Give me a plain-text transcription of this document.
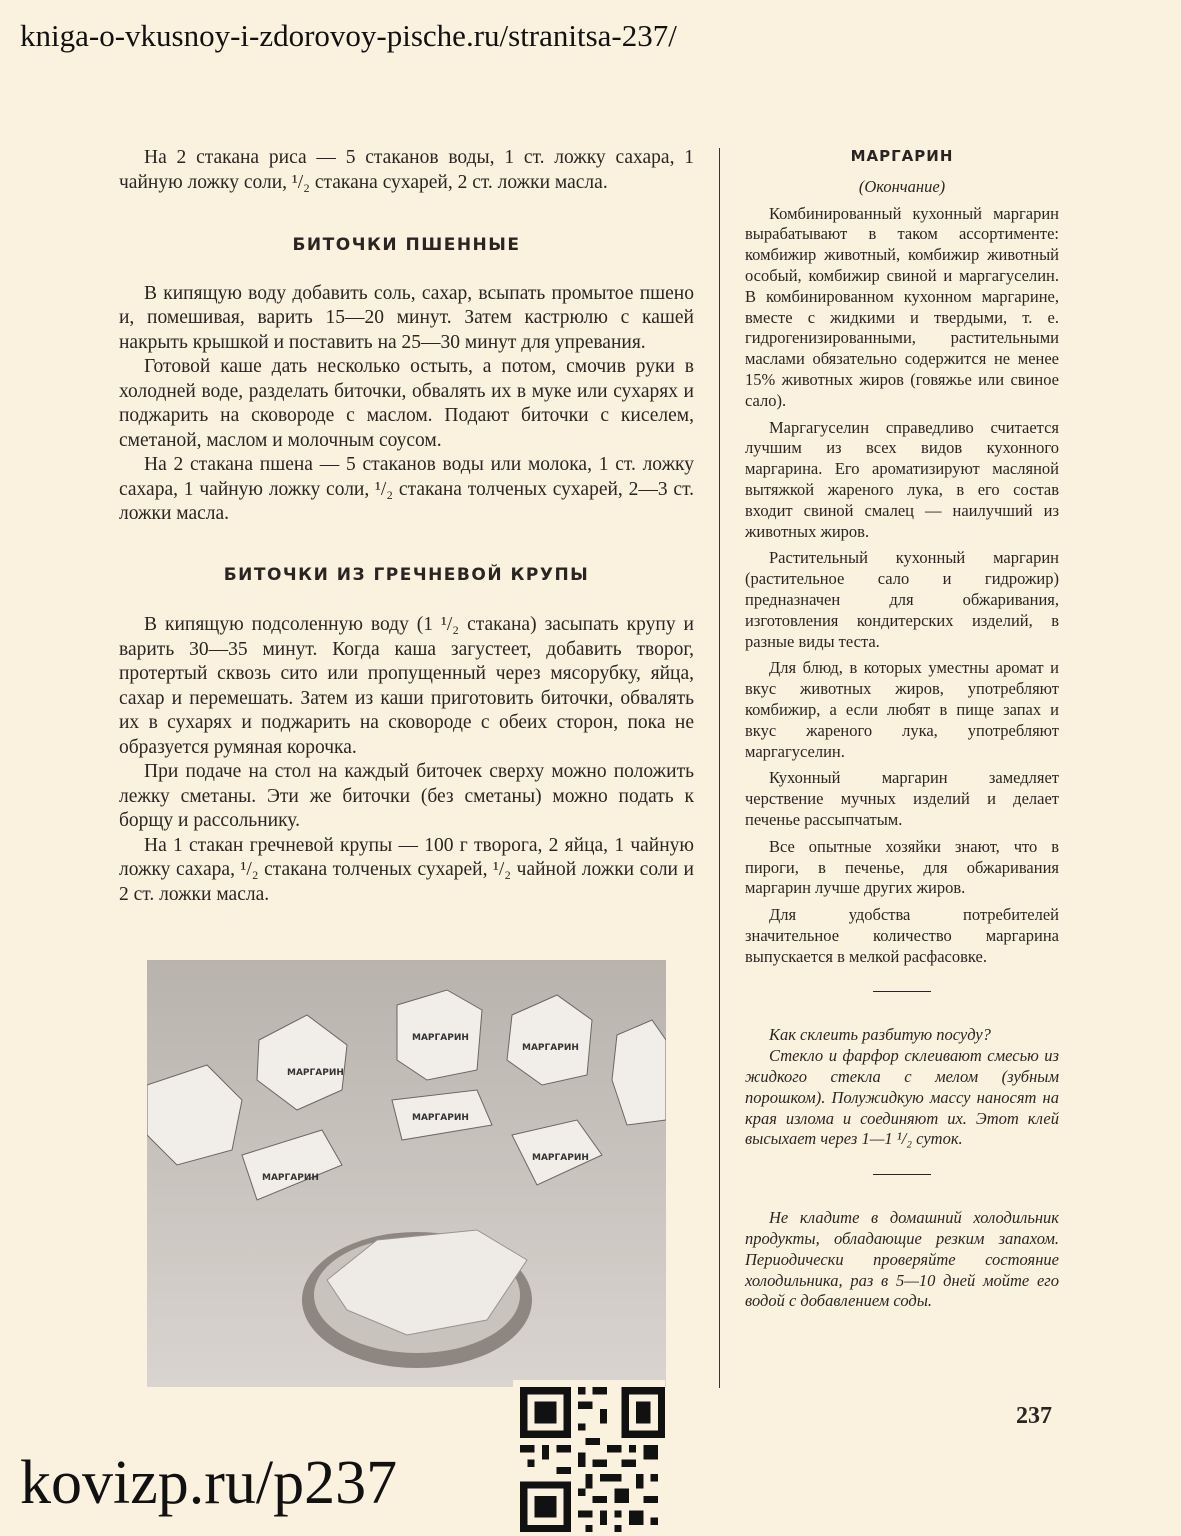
kniga-o-vkusnoy-i-zdorovoy-pische.ru/stranitsa-237/

На 2 стакана риса — 5 стаканов воды, 1 ст. ложку сахара, 1 чайную ложку соли, ¹/₂ стакана сухарей, 2 ст. ложки масла.

БИТОЧКИ ПШЕННЫЕ

В кипящую воду добавить соль, сахар, всыпать промытое пшено и, помешивая, варить 15—20 минут. Затем кастрюлю с кашей накрыть крышкой и поставить на 25—30 минут для упревания.

Готовой каше дать несколько остыть, а потом, смочив руки в холодней воде, разделать биточки, обвалять их в муке или сухарях и поджарить на сковороде с маслом. Подают биточки с киселем, сметаной, маслом и молочным соусом.

На 2 стакана пшена — 5 стаканов воды или молока, 1 ст. ложку сахара, 1 чайную ложку соли, ¹/₂ стакана толченых сухарей, 2—3 ст. ложки масла.

БИТОЧКИ ИЗ ГРЕЧНЕВОЙ КРУПЫ

В кипящую подсоленную воду (1 ¹/₂ стакана) засыпать крупу и варить 30—35 минут. Когда каша загустеет, добавить творог, протертый сквозь сито или пропущенный через мясорубку, яйца, сахар и перемешать. Затем из каши приготовить биточки, обвалять их в сухарях и поджарить на сковороде с обеих сторон, пока не образуется румяная корочка.

При подаче на стол на каждый биточек сверху можно положить лежку сметаны. Эти же биточки (без сметаны) можно подать к борщу и рассольнику.

На 1 стакан гречневой крупы — 100 г творога, 2 яйца, 1 чайную ложку сахара, ¹/₂ стакана толченых сухарей, ¹/₂ чайной ложки соли и 2 ст. ложки масла.

МАРГАРИН

(Окончание)

Комбинированный кухонный маргарин вырабатывают в таком ассортименте: комбижир животный, комбижир животный особый, комбижир свиной и маргагуселин. В комбинированном кухонном маргарине, вместе с жидкими и твердыми, т. е. гидрогенизированными, растительными маслами обязательно содержится не менее 15% животных жиров (говяжье или свиное сало).

Маргагуселин справедливо считается лучшим из всех видов кухонного маргарина. Его ароматизируют масляной вытяжкой жареного лука, в его состав входит свиной смалец — наилучший из животных жиров.

Растительный кухонный маргарин (растительное сало и гидрожир) предназначен для обжаривания, изготовления кондитерских изделий, в разные виды теста.

Для блюд, в которых уместны аромат и вкус животных жиров, употребляют комбижир, а если любят в пище запах и вкус жареного лука, употребляют маргагуселин.

Кухонный маргарин замедляет черствение мучных изделий и делает печенье рассыпчатым.

Все опытные хозяйки знают, что в пироги, в печенье, для обжаривания маргарин лучше других жиров.

Для удобства потребителей значительное количество маргарина выпускается в мелкой расфасовке.

Как склеить разбитую посуду?

Стекло и фарфор склеивают смесью из жидкого стекла с мелом (зубным порошком). Полужидкую массу наносят на края излома и соединяют их. Этот клей высыхает через 1—1 ¹/₂ суток.

Не кладите в домашний холодильник продукты, обладающие резким запахом. Периодически проверяйте состояние холодильника, раз в 5—10 дней мойте его водой с добавлением соды.

МАРГАРИН
МАРГАРИН
МАРГАРИН
МАРГАРИН
МАРГАРИН
МАРГАРИН
237
kovizp.ru/p237
